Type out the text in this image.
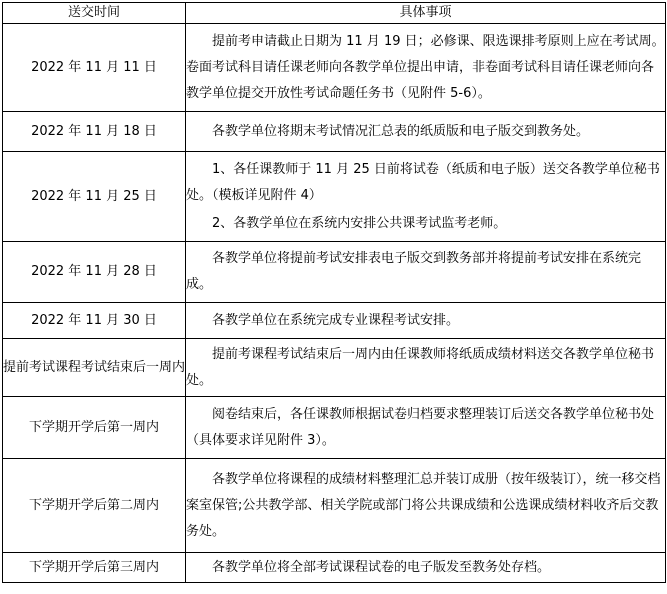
送交时间	具体事项
2022 年 11 月 11 日	提前考申请截止日期为 11 月 19 日；必修课、限选课排考原则上应在考试周。卷面考试科目请任课老师向各教学单位提出申请，非卷面考试科目请任课老师向各教学单位提交开放性考试命题任务书（见附件 5-6）。

2022 年 11 月 18 日	各教学单位将期末考试情况汇总表的纸质版和电子版交到教务处。

2022 年 11 月 25 日	1、各任课教师于 11 月 25 日前将试卷（纸质和电子版）送交各教学单位秘书处。（模板详见附件 4）

2、各教学单位在系统内安排公共课考试监考老师。

2022 年 11 月 28 日	各教学单位将提前考试安排表电子版交到教务部并将提前考试安排在系统完成。

2022 年 11 月 30 日	各教学单位在系统完成专业课程考试安排。

提前考试课程考试结束后一周内	提前考课程考试结束后一周内由任课教师将纸质成绩材料送交各教学单位秘书处。

下学期开学后第一周内	阅卷结束后，各任课教师根据试卷归档要求整理装订后送交各教学单位秘书处（具体要求详见附件 3）。

下学期开学后第二周内	各教学单位将课程的成绩材料整理汇总并装订成册（按年级装订），统一移交档案室保管;公共教学部、相关学院或部门将公共课成绩和公选课成绩材料收齐后交教务处。

下学期开学后第三周内	各教学单位将全部考试课程试卷的电子版发至教务处存档。
